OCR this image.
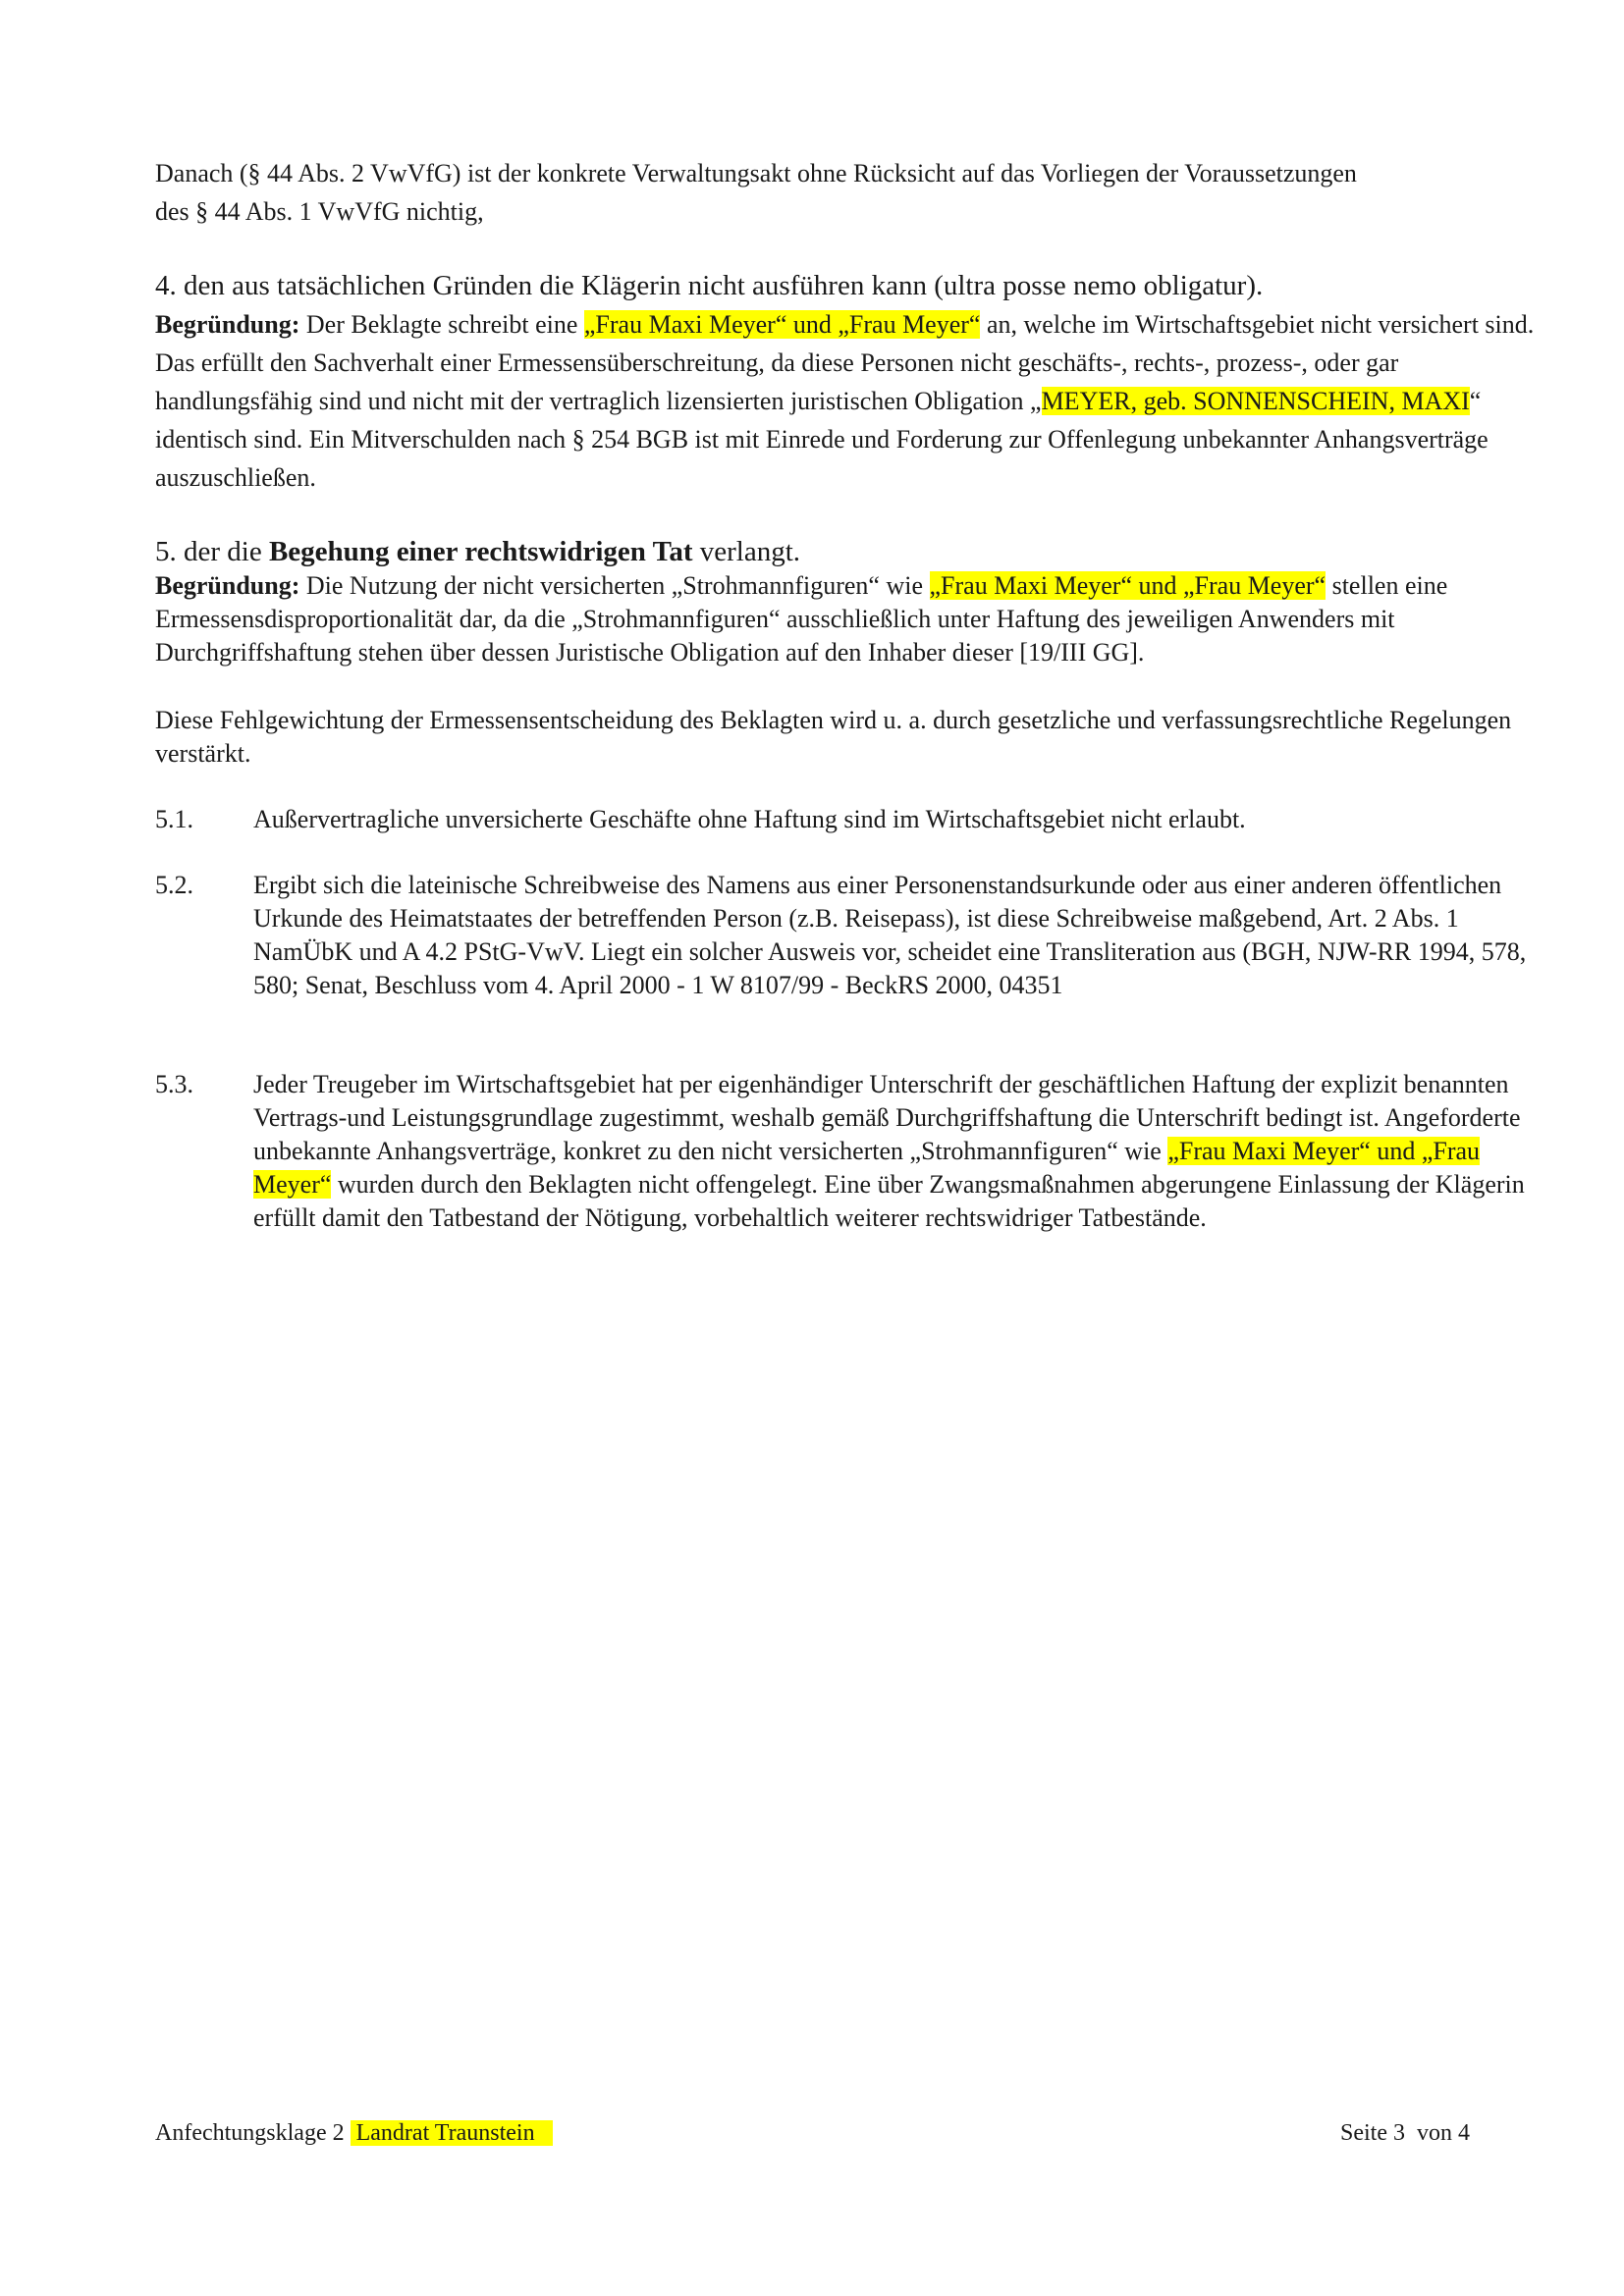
Danach (§ 44 Abs. 2 VwVfG) ist der konkrete Verwaltungsakt ohne Rücksicht auf das Vorliegen der Voraussetzungen
des § 44 Abs. 1 VwVfG nichtig,

4. den aus tatsächlichen Gründen die Klägerin nicht ausführen kann (ultra posse nemo obligatur).
Begründung: Der Beklagte schreibt eine „Frau Maxi Meyer“ und „Frau Meyer“ an, welche im Wirtschaftsgebiet nicht versichert sind. Das erfüllt den Sachverhalt einer Ermessensüberschreitung, da diese Personen nicht geschäfts-, rechts-, prozess-, oder gar handlungsfähig sind und nicht mit der vertraglich lizensierten juristischen Obligation „MEYER, geb. SONNENSCHEIN, MAXI“ identisch sind. Ein Mitverschulden nach § 254 BGB ist mit Einrede und Forderung zur Offenlegung unbekannter Anhangsverträge auszuschließen.

5. der die Begehung einer rechtswidrigen Tat verlangt.
Begründung: Die Nutzung der nicht versicherten „Strohmannfiguren“ wie „Frau Maxi Meyer“ und „Frau Meyer“ stellen eine Ermessensdisproportionalität dar, da die „Strohmannfiguren“ ausschließlich unter Haftung des jeweiligen Anwenders mit Durchgriffshaftung stehen über dessen Juristische Obligation auf den Inhaber dieser [19/III GG].

Diese Fehlgewichtung der Ermessensentscheidung des Beklagten wird u. a. durch gesetzliche und verfassungsrechtliche Regelungen verstärkt.

5.1. Außervertragliche unversicherte Geschäfte ohne Haftung sind im Wirtschaftsgebiet nicht erlaubt.

5.2. Ergibt sich die lateinische Schreibweise des Namens aus einer Personenstandsurkunde oder aus einer anderen öffentlichen Urkunde des Heimatstaates der betreffenden Person (z.B. Reisepass), ist diese Schreibweise maßgebend, Art. 2 Abs. 1 NamÜbK und A 4.2 PStG-VwV. Liegt ein solcher Ausweis vor, scheidet eine Transliteration aus (BGH, NJW-RR 1994, 578, 580; Senat, Beschluss vom 4. April 2000 - 1 W 8107/99 - BeckRS 2000, 04351

5.3. Jeder Treugeber im Wirtschaftsgebiet hat per eigenhändiger Unterschrift der geschäftlichen Haftung der explizit benannten Vertrags-und Leistungsgrundlage zugestimmt, weshalb gemäß Durchgriffshaftung die Unterschrift bedingt ist. Angeforderte unbekannte Anhangsverträge, konkret zu den nicht versicherten „Strohmannfiguren“ wie „Frau Maxi Meyer“ und „Frau Meyer“ wurden durch den Beklagten nicht offengelegt. Eine über Zwangsmaßnahmen abgerungene Einlassung der Klägerin erfüllt damit den Tatbestand der Nötigung, vorbehaltlich weiterer rechtswidriger Tatbestände.

Anfechtungsklage 2  Landrat Traunstein	Seite 3  von 4
